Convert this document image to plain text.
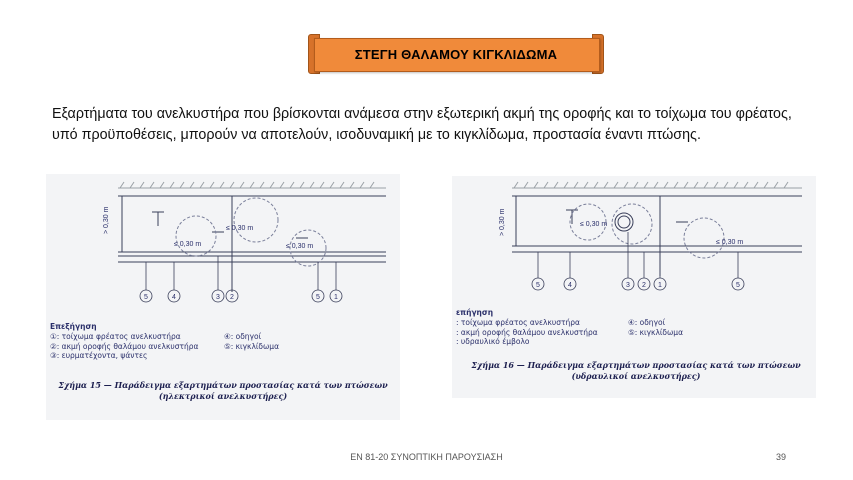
ΣΤΕΓΗ ΘΑΛΑΜΟΥ ΚΙΓΚΛΙΔΩΜΑ
Εξαρτήματα του ανελκυστήρα που βρίσκονται ανάμεσα στην εξωτερική ακμή της οροφής και το τοίχωμα του φρέατος, υπό προϋποθέσεις, μπορούν να αποτελούν, ισοδυναμική με το κιγκλίδωμα, προστασία έναντι πτώσης.
> 0,30 m
≤ 0,30 m
≤ 0,30 m
≤ 0,30 m
5	4	3 2	5 1
Επεξήγηση
①: τοίχωμα φρέατος ανελκυστήρα
②: ακμή οροφής θαλάμου ανελκυστήρα
③: ευρματέχοντα, ψάντες
④: οδηγοί
⑤: κιγκλίδωμα
Σχήμα 15 — Παράδειγμα εξαρτημάτων προστασίας κατά των πτώσεων (ηλεκτρικοί ανελκυστήρες)
> 0,30 m	≤ 0,30 m
≤ 0,30 m
5	4	3 2 1	5
επήγηση
: τοίχωμα φρέατος ανελκυστήρα
: ακμή οροφής θαλάμου ανελκυστήρα
: υδραυλικό έμβολο
④: οδηγοί
⑤: κιγκλίδωμα
Σχήμα 16 — Παράδειγμα εξαρτημάτων προστασίας κατά των πτώσεων (υδραυλικοί ανελκυστήρες)
ΕΝ 81-20 ΣΥΝΟΠΤΙΚΗ ΠΑΡΟΥΣΙΑΣΗ	39
